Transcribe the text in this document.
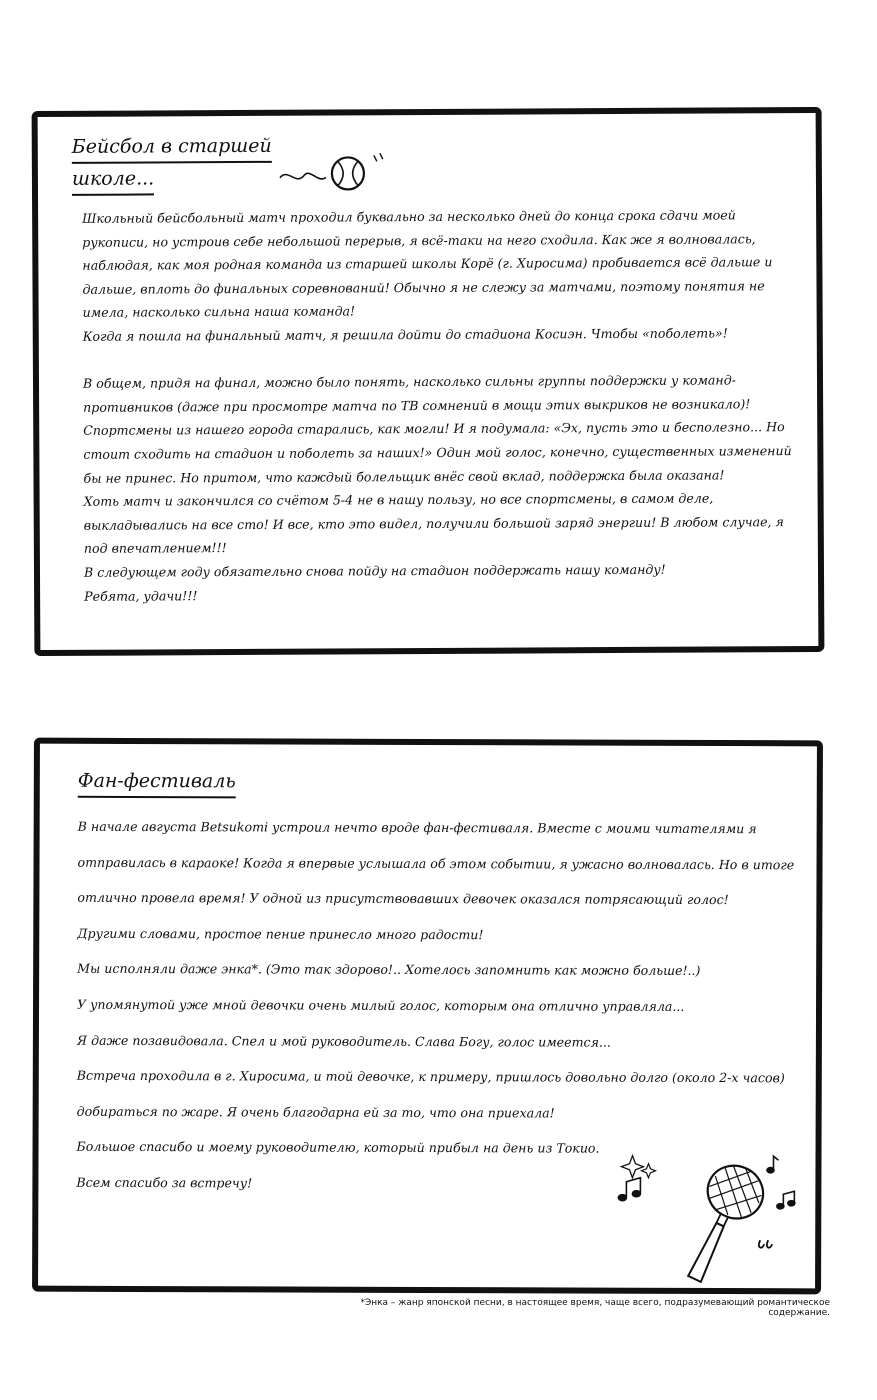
Бейсбол в старшей
школе...

Школьный бейсбольный матч проходил буквально за несколько дней до конца срока сдачи моей рукописи, но устроив себе небольшой перерыв, я всё-таки на него сходила. Как же я волновалась, наблюдая, как моя родная команда из старшей школы Корё (г. Хиросима) пробивается всё дальше и дальше, вплоть до финальных соревнований! Обычно я не слежу за матчами, поэтому понятия не имела, насколько сильна наша команда!

Когда я пошла на финальный матч, я решила дойти до стадиона Косиэн. Чтобы «поболеть»!

В общем, придя на финал, можно было понять, насколько сильны группы поддержки у команд-противников (даже при просмотре матча по ТВ сомнений в мощи этих выкриков не возникало)! Спортсмены из нашего города старались, как могли! И я подумала: «Эх, пусть это и бесполезно... Но стоит сходить на стадион и поболеть за наших!» Один мой голос, конечно, существенных изменений бы не принес. Но притом, что каждый болельщик внёс свой вклад, поддержка была оказана!

Хоть матч и закончился со счётом 5-4 не в нашу пользу, но все спортсмены, в самом деле, выкладывались на все сто! И все, кто это видел, получили большой заряд энергии! В любом случае, я под впечатлением!!!

В следующем году обязательно снова пойду на стадион поддержать нашу команду!

Ребята, удачи!!!

Фан-фестиваль

В начале августа Betsukomi устроил нечто вроде фан-фестиваля. Вместе с моими читателями я отправилась в караоке! Когда я впервые услышала об этом событии, я ужасно волновалась. Но в итоге отлично провела время! У одной из присутствовавших девочек оказался потрясающий голос!

Другими словами, простое пение принесло много радости!

Мы исполняли даже энка*. (Это так здорово!.. Хотелось запомнить как можно больше!..)

У упомянутой уже мной девочки очень милый голос, которым она отлично управляла...

Я даже позавидовала. Спел и мой руководитель. Слава Богу, голос имеется...

Встреча проходила в г. Хиросима, и той девочке, к примеру, пришлось довольно долго (около 2-х часов) добираться по жаре. Я очень благодарна ей за то, что она приехала!

Большое спасибо и моему руководителю, который прибыл на день из Токио.

Всем спасибо за встречу!

*Энка – жанр японской песни, в настоящее время, чаще всего, подразумевающий романтическое содержание.
